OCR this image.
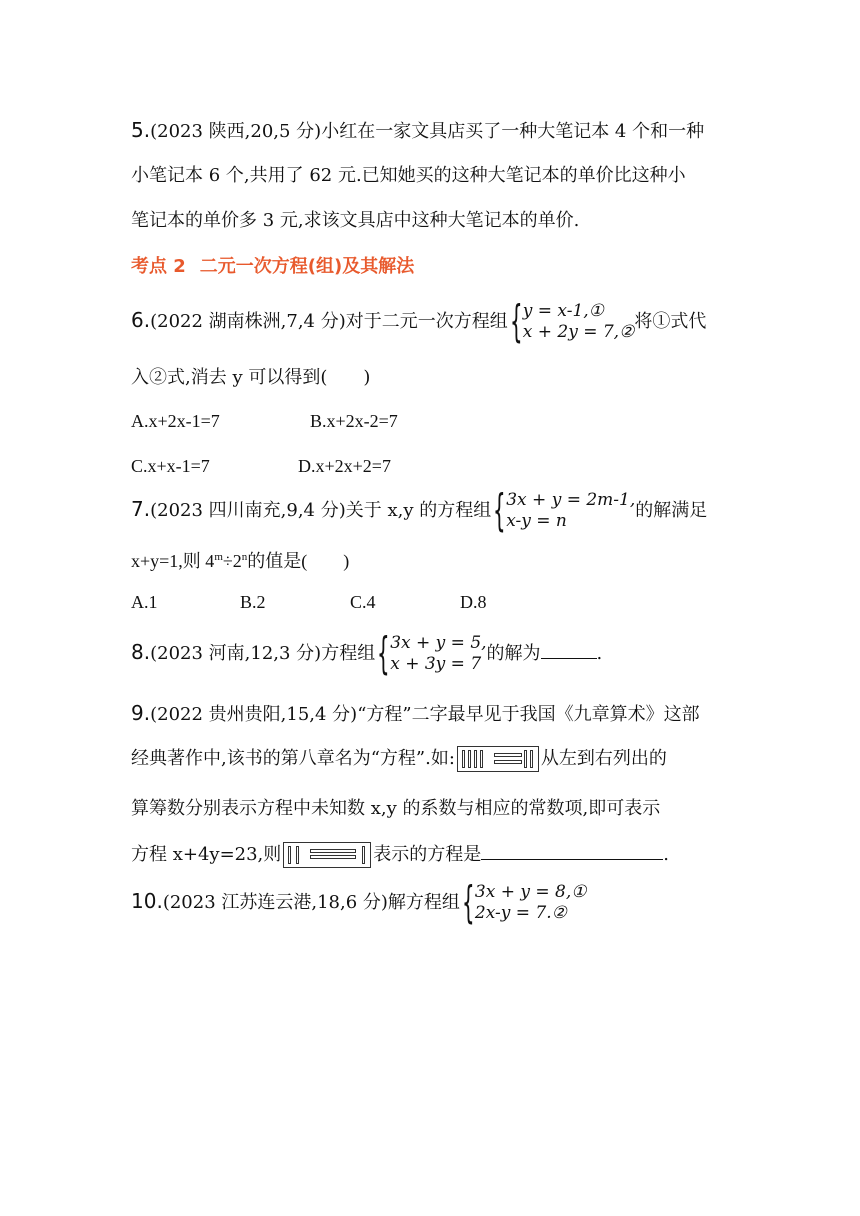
5.(2023 陕西,20,5 分)小红在一家文具店买了一种大笔记本 4 个和一种
小笔记本 6 个,共用了 62 元.已知她买的这种大笔记本的单价比这种小
笔记本的单价多 3 元,求该文具店中这种大笔记本的单价.
考点 2 二元一次方程(组)及其解法
6.(2022 湖南株洲,7,4 分)对于二元一次方程组{ y = x-1,①
x + 2y = 7,② 将①式代
入②式,消去 y 可以得到(　　)
A.x+2x-1=7	B.x+2x-2=7
C.x+x-1=7	D.x+2x+2=7
7.(2023 四川南充,9,4 分)关于 x,y 的方程组{ 3x + y = 2m-1,
x-y = n	的解满足
x+y=1,则 $4^m\div 2^n$的值是(　　)
A.1	B.2	C.4	D.8
8.(2023 河南,12,3 分)方程组{ 3x + y = 5,
x + 3y = 7 的解为	.
9.(2022 贵州贵阳,15,4 分)“方程”二字最早见于我国《九章算术》这部
经典著作中,该书的第八章名为“方程”.如:	从左到右列出的
算筹数分别表示方程中未知数 x,y 的系数与相应的常数项,即可表示
方程 x+4y=23,则	表示的方程是	.
10.(2023 江苏连云港,18,6 分)解方程组{ 3x + y = 8,①
2x-y = 7.②
